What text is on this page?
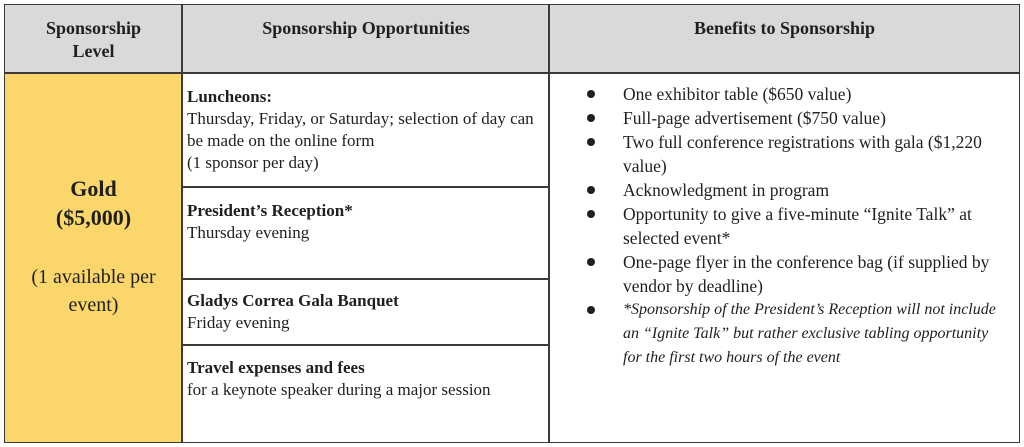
Gold
($5,000)
(1 available per event)
Sponsorship Level
Sponsorship Opportunities	Benefits to Sponsorship
Luncheons:
Thursday, Friday, or Saturday; selection of day can be made on the online form
(1 sponsor per day)
President’s Reception*
Thursday evening
Gladys Correa Gala Banquet
Friday evening
Travel expenses and fees
for a keynote speaker during a major session
One exhibitor table ($650 value)
Full-page advertisement ($750 value)
Two full conference registrations with gala ($1,220 value)
Acknowledgment in program
Opportunity to give a five-minute “Ignite Talk” at selected event*
One-page flyer in the conference bag (if supplied by vendor by deadline)
*Sponsorship of the President’s Reception will not include an “Ignite Talk” but rather exclusive tabling opportunity for the first two hours of the event
